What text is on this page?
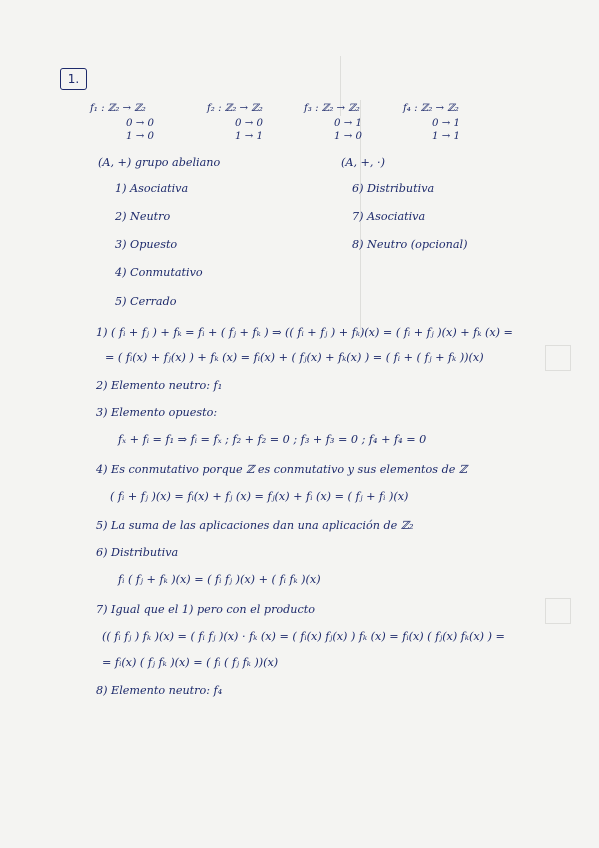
1.
f₁ : ℤ₂ → ℤ₂
0 → 0
1 → 0
f₂ : ℤ₂ → ℤ₂
0 → 0
1 → 1
f₃ : ℤ₂ → ℤ₂
0 → 1
1 → 0
f₄ : ℤ₂ → ℤ₂
0 → 1
1 → 1
(A, +) grupo abeliano	(A, +, ·)
1) Asociativa
2) Neutro
3) Opuesto
4) Conmutativo
5) Cerrado
6) Distributiva
7) Asociativa
8) Neutro (opcional)
1) ( fᵢ + fⱼ ) + fₖ = fᵢ + ( fⱼ + fₖ ) ⇒ (( fᵢ + fⱼ ) + fₖ)(x) = ( fᵢ + fⱼ )(x) + fₖ (x) =
= ( fᵢ(x) + fⱼ(x) ) + fₖ (x) = fᵢ(x) + ( fⱼ(x) + fₖ(x) ) = ( fᵢ + ( fⱼ + fₖ ))(x)
2) Elemento neutro: f₁
3) Elemento opuesto:
fₓ + fᵢ = f₁ ⇒ fᵢ = fₓ ; f₂ + f₂ = 0 ; f₃ + f₃ = 0 ; f₄ + f₄ = 0
4) Es conmutativo porque ℤ es conmutativo y sus elementos de ℤ
( fᵢ + fⱼ )(x) = fᵢ(x) + fⱼ (x) = fⱼ(x) + fᵢ (x) = ( fⱼ + fᵢ )(x)
5) La suma de las aplicaciones dan una aplicación de ℤ₂
6) Distributiva
fᵢ ( fⱼ + fₖ )(x) = ( fᵢ fⱼ )(x) + ( fᵢ fₖ )(x)
7) Igual que el 1) pero con el producto
(( fᵢ fⱼ ) fₖ )(x) = ( fᵢ fⱼ )(x) · fₖ (x) = ( fᵢ(x) fⱼ(x) ) fₖ (x) = fᵢ(x) ( fⱼ(x) fₖ(x) ) =
= fᵢ(x) ( fⱼ fₖ )(x) = ( fᵢ ( fⱼ fₖ ))(x)
8) Elemento neutro: f₄
